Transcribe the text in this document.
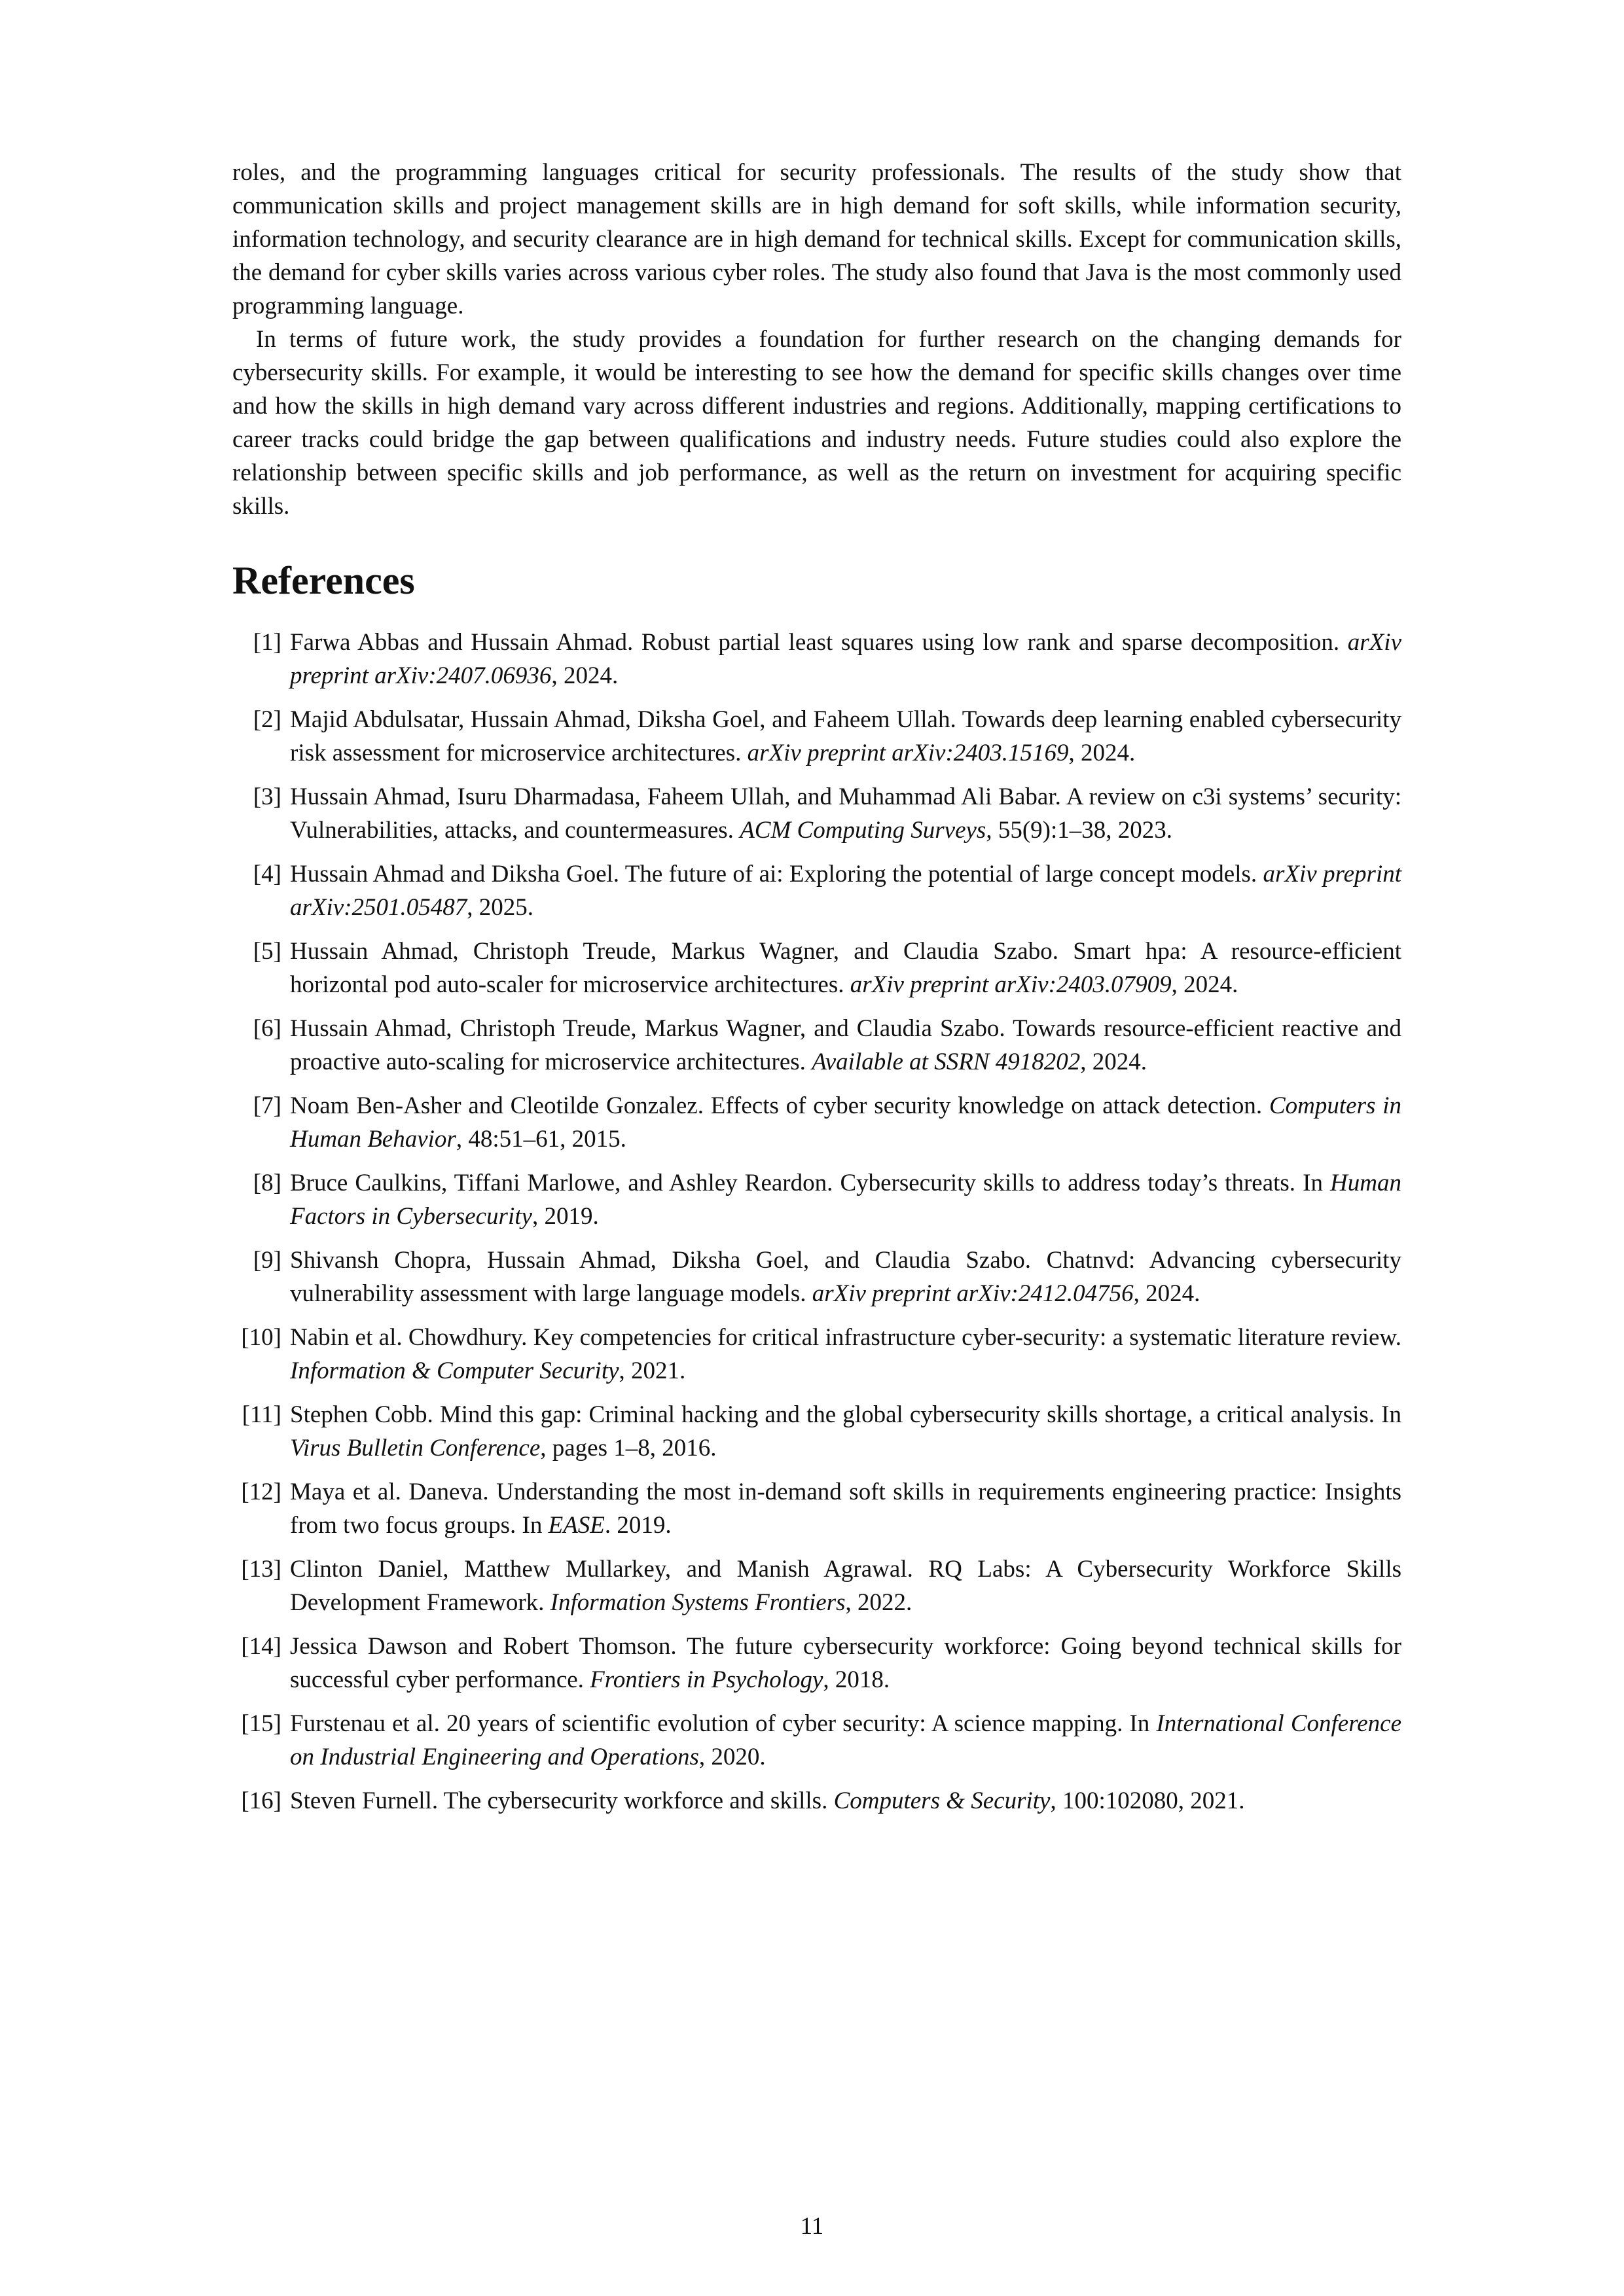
roles, and the programming languages critical for security professionals. The results of the study show that communication skills and project management skills are in high demand for soft skills, while information security, information technology, and security clearance are in high demand for technical skills. Except for communication skills, the demand for cyber skills varies across various cyber roles. The study also found that Java is the most commonly used programming language.

In terms of future work, the study provides a foundation for further research on the changing demands for cybersecurity skills. For example, it would be interesting to see how the demand for specific skills changes over time and how the skills in high demand vary across different industries and regions. Additionally, mapping certifications to career tracks could bridge the gap between qualifications and industry needs. Future studies could also explore the relationship between specific skills and job performance, as well as the return on investment for acquiring specific skills.

References
[1] Farwa Abbas and Hussain Ahmad. Robust partial least squares using low rank and sparse decomposition. arXiv preprint arXiv:2407.06936, 2024.
[2] Majid Abdulsatar, Hussain Ahmad, Diksha Goel, and Faheem Ullah. Towards deep learning enabled cybersecurity risk assessment for microservice architectures. arXiv preprint arXiv:2403.15169, 2024.
[3] Hussain Ahmad, Isuru Dharmadasa, Faheem Ullah, and Muhammad Ali Babar. A review on c3i systems’ security: Vulnerabilities, attacks, and countermeasures. ACM Computing Surveys, 55(9):1–38, 2023.
[4] Hussain Ahmad and Diksha Goel. The future of ai: Exploring the potential of large concept models. arXiv preprint arXiv:2501.05487, 2025.
[5] Hussain Ahmad, Christoph Treude, Markus Wagner, and Claudia Szabo. Smart hpa: A resource-efficient horizontal pod auto-scaler for microservice architectures. arXiv preprint arXiv:2403.07909, 2024.
[6] Hussain Ahmad, Christoph Treude, Markus Wagner, and Claudia Szabo. Towards resource-efficient reactive and proactive auto-scaling for microservice architectures. Available at SSRN 4918202, 2024.
[7] Noam Ben-Asher and Cleotilde Gonzalez. Effects of cyber security knowledge on attack detection. Computers in Human Behavior, 48:51–61, 2015.
[8] Bruce Caulkins, Tiffani Marlowe, and Ashley Reardon. Cybersecurity skills to address today’s threats. In Human Factors in Cybersecurity, 2019.
[9] Shivansh Chopra, Hussain Ahmad, Diksha Goel, and Claudia Szabo. Chatnvd: Advancing cybersecurity vulnerability assessment with large language models. arXiv preprint arXiv:2412.04756, 2024.
[10] Nabin et al. Chowdhury. Key competencies for critical infrastructure cyber-security: a systematic literature review. Information & Computer Security, 2021.
[11] Stephen Cobb. Mind this gap: Criminal hacking and the global cybersecurity skills shortage, a critical analysis. In Virus Bulletin Conference, pages 1–8, 2016.
[12] Maya et al. Daneva. Understanding the most in-demand soft skills in requirements engineering practice: Insights from two focus groups. In EASE. 2019.
[13] Clinton Daniel, Matthew Mullarkey, and Manish Agrawal. RQ Labs: A Cybersecurity Workforce Skills Development Framework. Information Systems Frontiers, 2022.
[14] Jessica Dawson and Robert Thomson. The future cybersecurity workforce: Going beyond technical skills for successful cyber performance. Frontiers in Psychology, 2018.
[15] Furstenau et al. 20 years of scientific evolution of cyber security: A science mapping. In International Conference on Industrial Engineering and Operations, 2020.
[16] Steven Furnell. The cybersecurity workforce and skills. Computers & Security, 100:102080, 2021.
11
